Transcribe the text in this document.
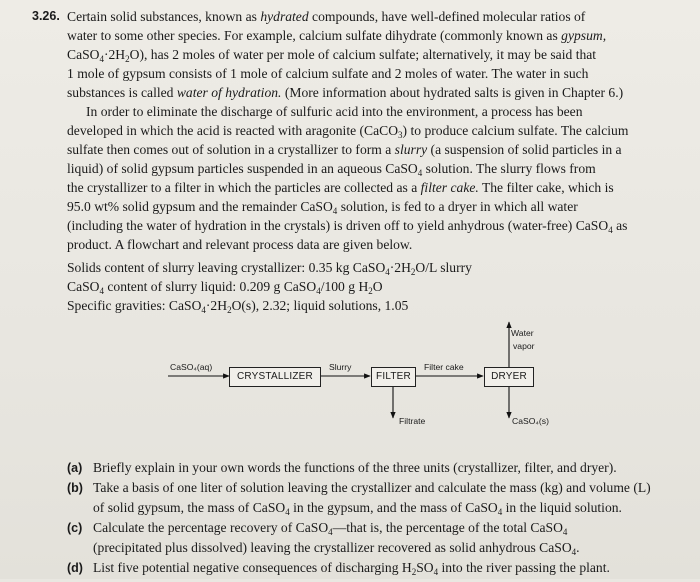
3.26. Certain solid substances, known as hydrated compounds, have well-defined molecular ratios of
water to some other species. For example, calcium sulfate dihydrate (commonly known as gypsum,
$CaSO_4\cdot 2H_2O$), has 2 moles of water per mole of calcium sulfate; alternatively, it may be said that
1 mole of gypsum consists of 1 mole of calcium sulfate and 2 moles of water. The water in such
substances is called water of hydration. (More information about hydrated salts is given in Chapter 6.)
In order to eliminate the discharge of sulfuric acid into the environment, a process has been
developed in which the acid is reacted with aragonite (CaCO$_3$) to produce calcium sulfate. The calcium
sulfate then comes out of solution in a crystallizer to form a slurry (a suspension of solid particles in a
liquid) of solid gypsum particles suspended in an aqueous CaSO$_4$ solution. The slurry flows from
the crystallizer to a filter in which the particles are collected as a filter cake. The filter cake, which is
95.0 wt% solid gypsum and the remainder CaSO$_4$ solution, is fed to a dryer in which all water
(including the water of hydration in the crystals) is driven off to yield anhydrous (water-free) CaSO$_4$ as
product. A flowchart and relevant process data are given below.
Solids content of slurry leaving crystallizer: 0.35 kg $CaSO_4\cdot 2H_2O/L$ slurry
CaSO$_4$ content of slurry liquid: 0.209 g CaSO$_4$/100 g $H_2O$
Specific gravities: $CaSO_4\cdot 2H_2O(s)$, 2.32; liquid solutions, 1.05
CRYSTALLIZER	FILTER	DRYER
CaSO₄(aq)	Slurry	Filter cake
Water
vapor
Filtrate	CaSO₄(s)
(a) Briefly explain in your own words the functions of the three units (crystallizer, filter, and dryer).
(b) Take a basis of one liter of solution leaving the crystallizer and calculate the mass (kg) and volume (L)
of solid gypsum, the mass of CaSO$_4$ in the gypsum, and the mass of CaSO$_4$ in the liquid solution.
(c) Calculate the percentage recovery of CaSO$_4$—that is, the percentage of the total CaSO$_4$
(precipitated plus dissolved) leaving the crystallizer recovered as solid anhydrous CaSO$_4$.
(d) List five potential negative consequences of discharging $H_2SO_4$ into the river passing the plant.
